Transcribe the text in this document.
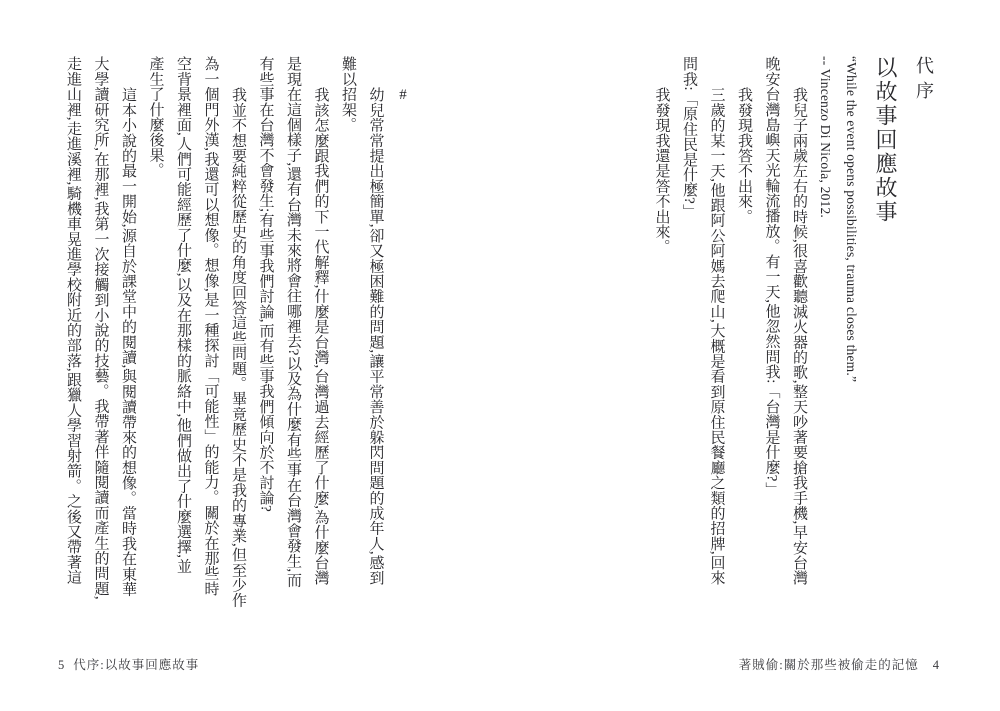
#

幼兒常常提出極簡單,卻又極困難的問題,讓平常善於躲閃問題的成年人,感到

難以招架。

我該怎麼跟我們的下一代解釋,什麼是台灣,台灣過去經歷了什麼,為什麼台灣

是現在這個樣子,還有台灣未來將會往哪裡去?以及為什麼有些事在台灣會發生,而

有些事在台灣不會發生;有些事我們討論,而有些事我們傾向於不討論?

我並不想要純粹從歷史的角度回答這些問題。畢竟歷史不是我的專業,但至少作

為一個門外漢,我還可以想像。想像,是一種探討「可能性」的能力。關於在那些時

空背景裡面,人們可能經歷了什麼,以及在那樣的脈絡中,他們做出了什麼選擇,並

產生了什麼後果。

這本小說的最一開始,源自於課堂中的閱讀,與閱讀帶來的想像。當時我在東華

大學讀研究所,在那裡,我第一次接觸到小說的技藝。我帶著伴隨閱讀而產生的問題,

走進山裡,走進溪裡,騎機車晃進學校附近的部落,跟獵人學習射箭。之後又帶著這

5 代序:以故事回應故事

代序

以故事回應故事

“While the event opens possibilities, trauma closes them.”

-- Vincenzo Di Nicola, 2012.

我兒子兩歲左右的時候,很喜歡聽滅火器的歌,整天吵著要搶我手機,早安台灣

晚安台灣島嶼天光輪流播放。有一天,他忽然問我:「台灣是什麼?」

我發現我答不出來。

三歲的某一天,他跟阿公阿媽去爬山,大概是看到原住民餐廳之類的招牌,回來

問我:「原住民是什麼?」

我發現我還是答不出來。

著賊偷:關於那些被偷走的記憶 4
